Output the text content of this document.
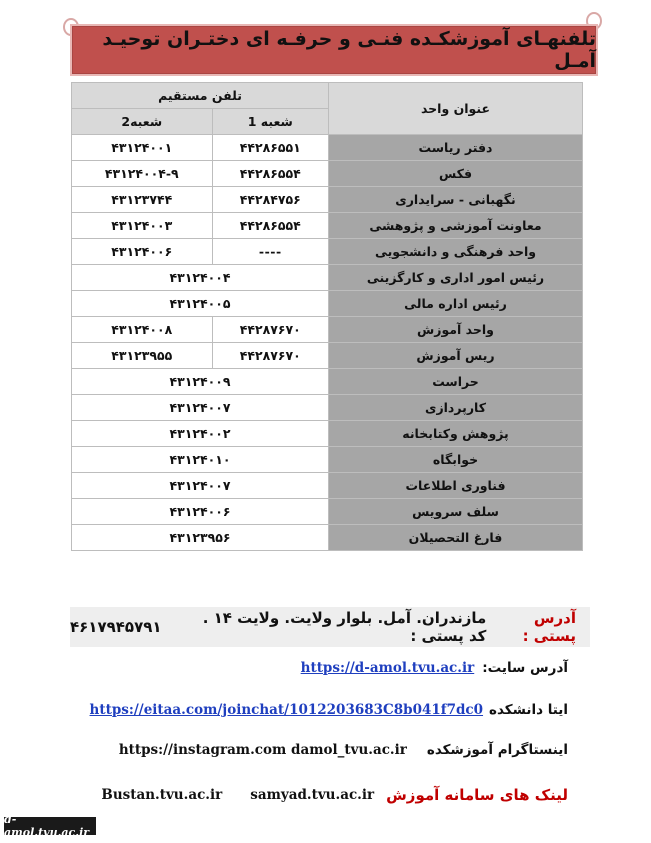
تلفنهـای آموزشکـده فنـی و حرفـه ای دختـران توحیـد آمـل
عنوان واحد	تلفن مستقیم	
	شعبه 1	شعبه2
دفتر ریاست	۴۴۲۸۶۵۵۱	۴۳۱۲۴۰۰۱
فکس	۴۴۲۸۶۵۵۴	۴۳۱۲۴۰۰۴-۹
نگهبانی - سرایداری	۴۴۲۸۴۷۵۶	۴۳۱۲۳۷۴۴
معاونت آموزشی و پژوهشی	۴۴۲۸۶۵۵۴	۴۳۱۲۴۰۰۳
واحد فرهنگی و دانشجویی	----	۴۳۱۲۴۰۰۶
رئیس امور اداری و کارگزینی	۴۳۱۲۴۰۰۴	
رئیس اداره مالی	۴۳۱۲۴۰۰۵	
واحد آموزش	۴۴۲۸۷۶۷۰	۴۳۱۲۴۰۰۸
ریس آموزش	۴۴۲۸۷۶۷۰	۴۳۱۲۳۹۵۵
حراست	۴۳۱۲۴۰۰۹	
کارپردازی	۴۳۱۲۴۰۰۷	
پژوهش وکتابخانه	۴۳۱۲۴۰۰۲	
خوابگاه	۴۳۱۲۴۰۱۰	
فناوری اطلاعات	۴۳۱۲۴۰۰۷	
سلف سرویس	۴۳۱۲۴۰۰۶	
فارغ التحصیلان	۴۳۱۲۳۹۵۶	
آدرس پستی :
مازندران. آمل. بلوار ولایت. ولایت ۱۴ . کد پستی :
۴۶۱۷۹۴۵۷۹۱
آدرس سایت:
https://d-amol.tvu.ac.ir
ایتا دانشکده
https://eitaa.com/joinchat/1012203683C8b041f7dc0
اینستاگرام آموزشکده
https://instagram.com damol_tvu.ac.ir
لینک های سامانه آموزش
samyad.tvu.ac.ir
Bustan.tvu.ac.ir
d-amol.tvu.ac.ir
